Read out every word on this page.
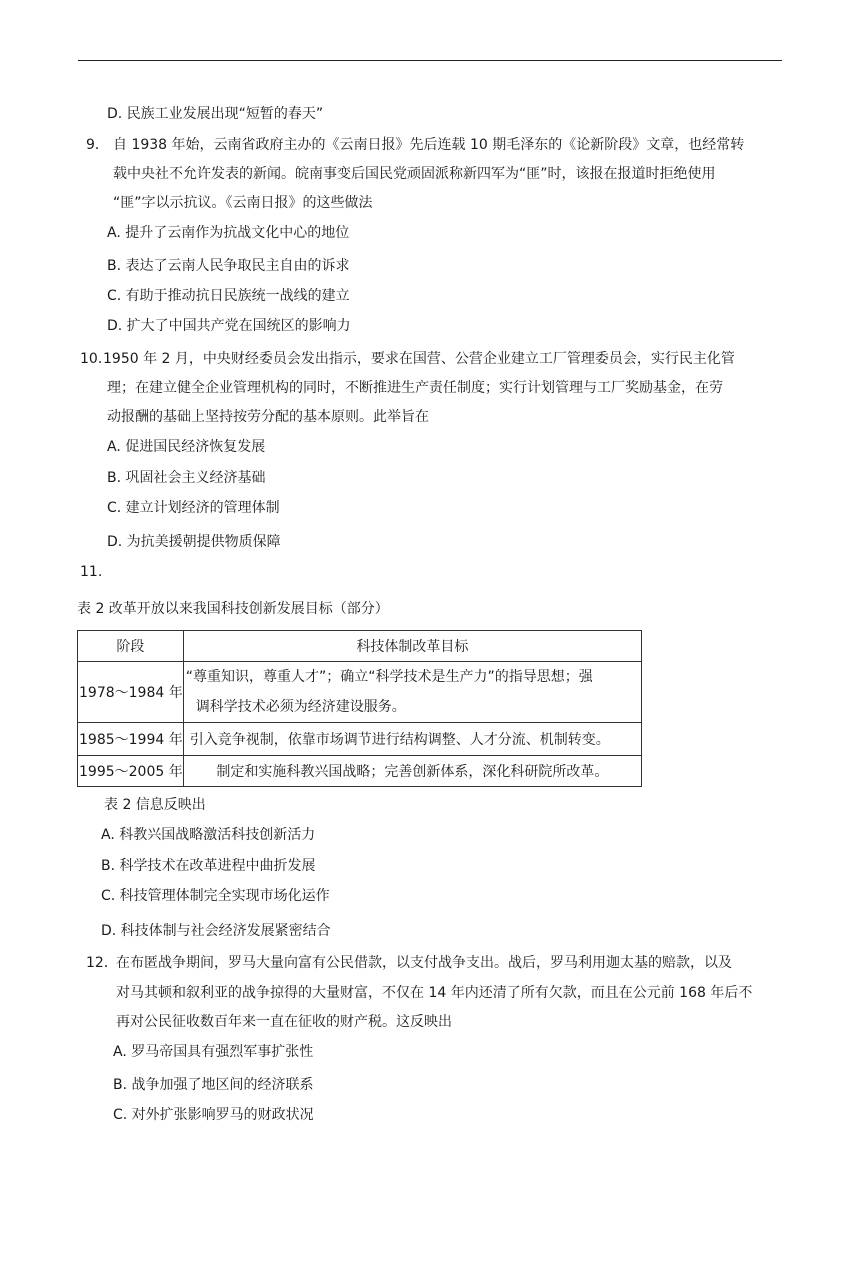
D. 民族工业发展出现“短暂的春天”
9． 自 1938 年始，云南省政府主办的《云南日报》先后连载 10 期毛泽东的《论新阶段》文章，也经常转
载中央社不允许发表的新闻。皖南事变后国民党顽固派称新四军为“匪”时，该报在报道时拒绝使用
“匪”字以示抗议。《云南日报》的这些做法
A. 提升了云南作为抗战文化中心的地位
B. 表达了云南人民争取民主自由的诉求
C. 有助于推动抗日民族统一战线的建立
D. 扩大了中国共产党在国统区的影响力
10. 1950 年 2 月，中央财经委员会发出指示，要求在国营、公营企业建立工厂管理委员会，实行民主化管
理；在建立健全企业管理机构的同时，不断推进生产责任制度；实行计划管理与工厂奖励基金，在劳
动报酬的基础上坚持按劳分配的基本原则。此举旨在
A. 促进国民经济恢复发展
B. 巩固社会主义经济基础
C. 建立计划经济的管理体制
D. 为抗美援朝提供物质保障
11.
表 2 改革开放以来我国科技创新发展目标（部分）
阶段	科技体制改革目标
1978～1984 年	“尊重知识，尊重人才”；确立“科学技术是生产力”的指导思想；强
调科学技术必须为经济建设服务。

1985～1994 年	引入竞争视制，依靠市场调节进行结构调整、人才分流、机制转变。
1995～2005 年	制定和实施科教兴国战略；完善创新体系，深化科研院所改革。
表 2 信息反映出
A. 科教兴国战略激活科技创新活力
B. 科学技术在改革进程中曲折发展
C. 科技管理体制完全实现市场化运作
D. 科技体制与社会经济发展紧密结合
12．
在布匿战争期间，罗马大量向富有公民借款，以支付战争支出。战后，罗马利用迦太基的赔款，以及
对马其顿和叙利亚的战争掠得的大量财富，不仅在 14 年内还清了所有欠款，而且在公元前 168 年后不
再对公民征收数百年来一直在征收的财产税。这反映出
A. 罗马帝国具有强烈军事扩张性
B. 战争加强了地区间的经济联系
C. 对外扩张影响罗马的财政状况
